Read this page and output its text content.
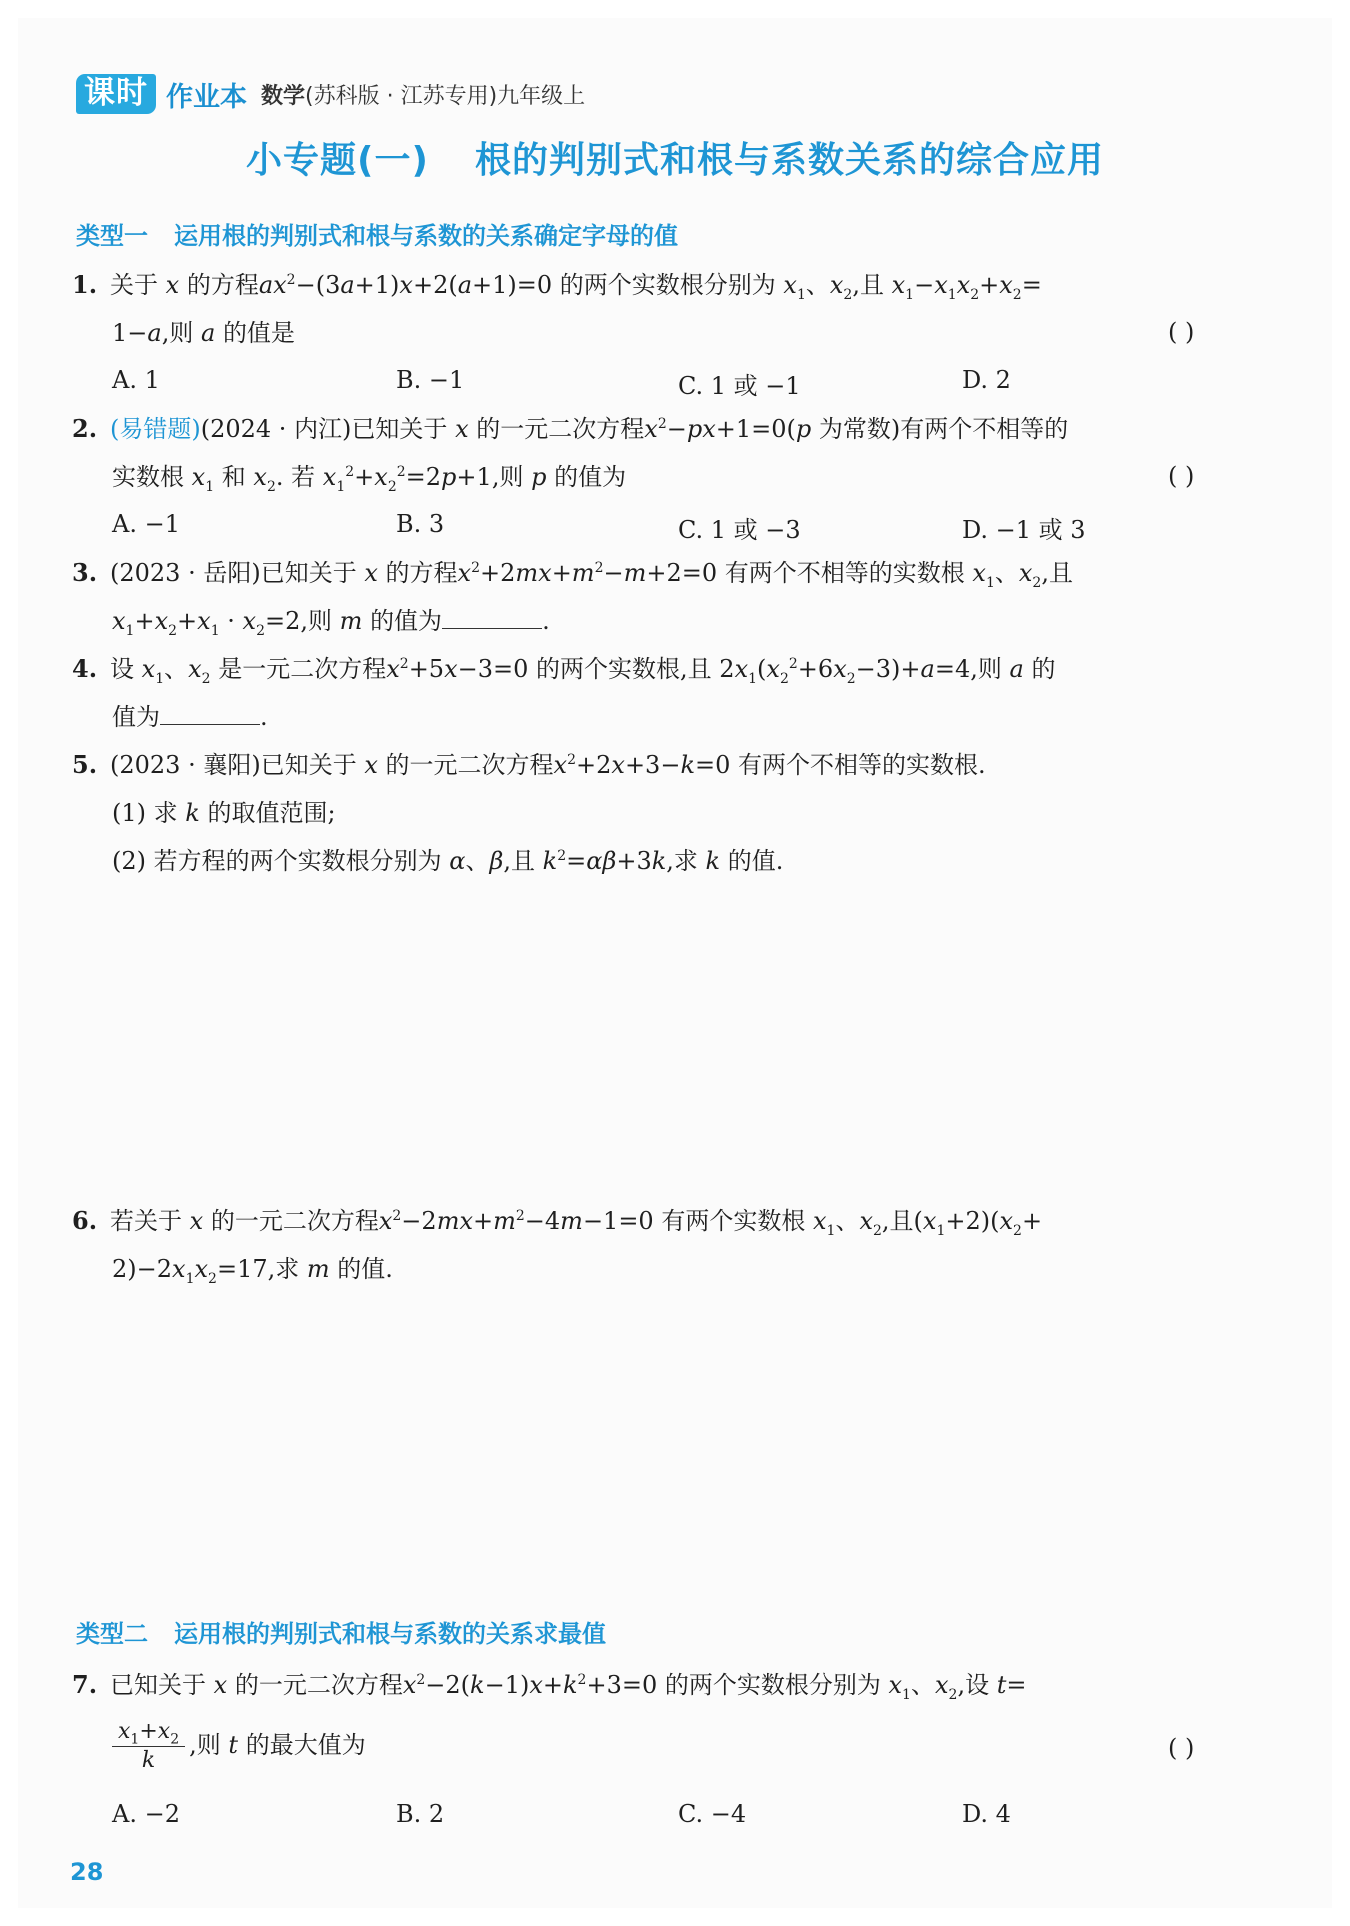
课时 作业本 数学(苏科版 · 江苏专用)九年级上
小专题(一) 根的判别式和根与系数关系的综合应用
类型一 运用根的判别式和根与系数的关系确定字母的值
1. 关于 x 的方程$ax^2-(3a+1)x+2(a+1)=0$ 的两个实数根分别为 $x_1$、$x_2$,且 $x_1-x_1x_2+x_2=$
1−a,则 a 的值是	( )
A. 1	B. −1	C. 1 或 −1	D. 2
2. (易错题)(2024 · 内江)已知关于 x 的一元二次方程$x^2-px+1=0(p$ 为常数)有两个不相等的
实数根 $x_1$ 和 $x_2$. 若 $x_1^2+x_2^2=2p+1$,则 p 的值为	( )
A. −1	B. 3	C. 1 或 −3	D. −1 或 3
3. (2023 · 岳阳)已知关于 x 的方程$x^2+2mx+m^2-m+2=0$ 有两个不相等的实数根 $x_1$、$x_2$,且
$x_1+x_2+x_1 \cdot x_2=2$,则 m 的值为	.
4. 设 $x_1$、$x_2$ 是一元二次方程$x^2+5x-3=0$ 的两个实数根,且 $2x_1(x_2^2+6x_2-3)+a=4$,则 a 的
值为	.
5. (2023 · 襄阳)已知关于 x 的一元二次方程$x^2+2x+3-k=0$ 有两个不相等的实数根.
(1) 求 k 的取值范围;
(2) 若方程的两个实数根分别为 α、β,且 $k^2=\alpha\beta+3k$,求 k 的值.
6. 若关于 x 的一元二次方程$x^2-2mx+m^2-4m-1=0$ 有两个实数根 $x_1$、$x_2$,且$(x_1+2)(x_2+$
$2)-2x_1x_2=17$,求 m 的值.
类型二 运用根的判别式和根与系数的关系求最值
7. 已知关于 x 的一元二次方程$x^2-2(k-1)x+k^2+3=0$ 的两个实数根分别为 $x_1$、$x_2$,设 t=
$\frac{x_1+x_2}{k}$ ,则 t 的最大值为	( )
A. −2	B. 2	C. −4	D. 4
28
